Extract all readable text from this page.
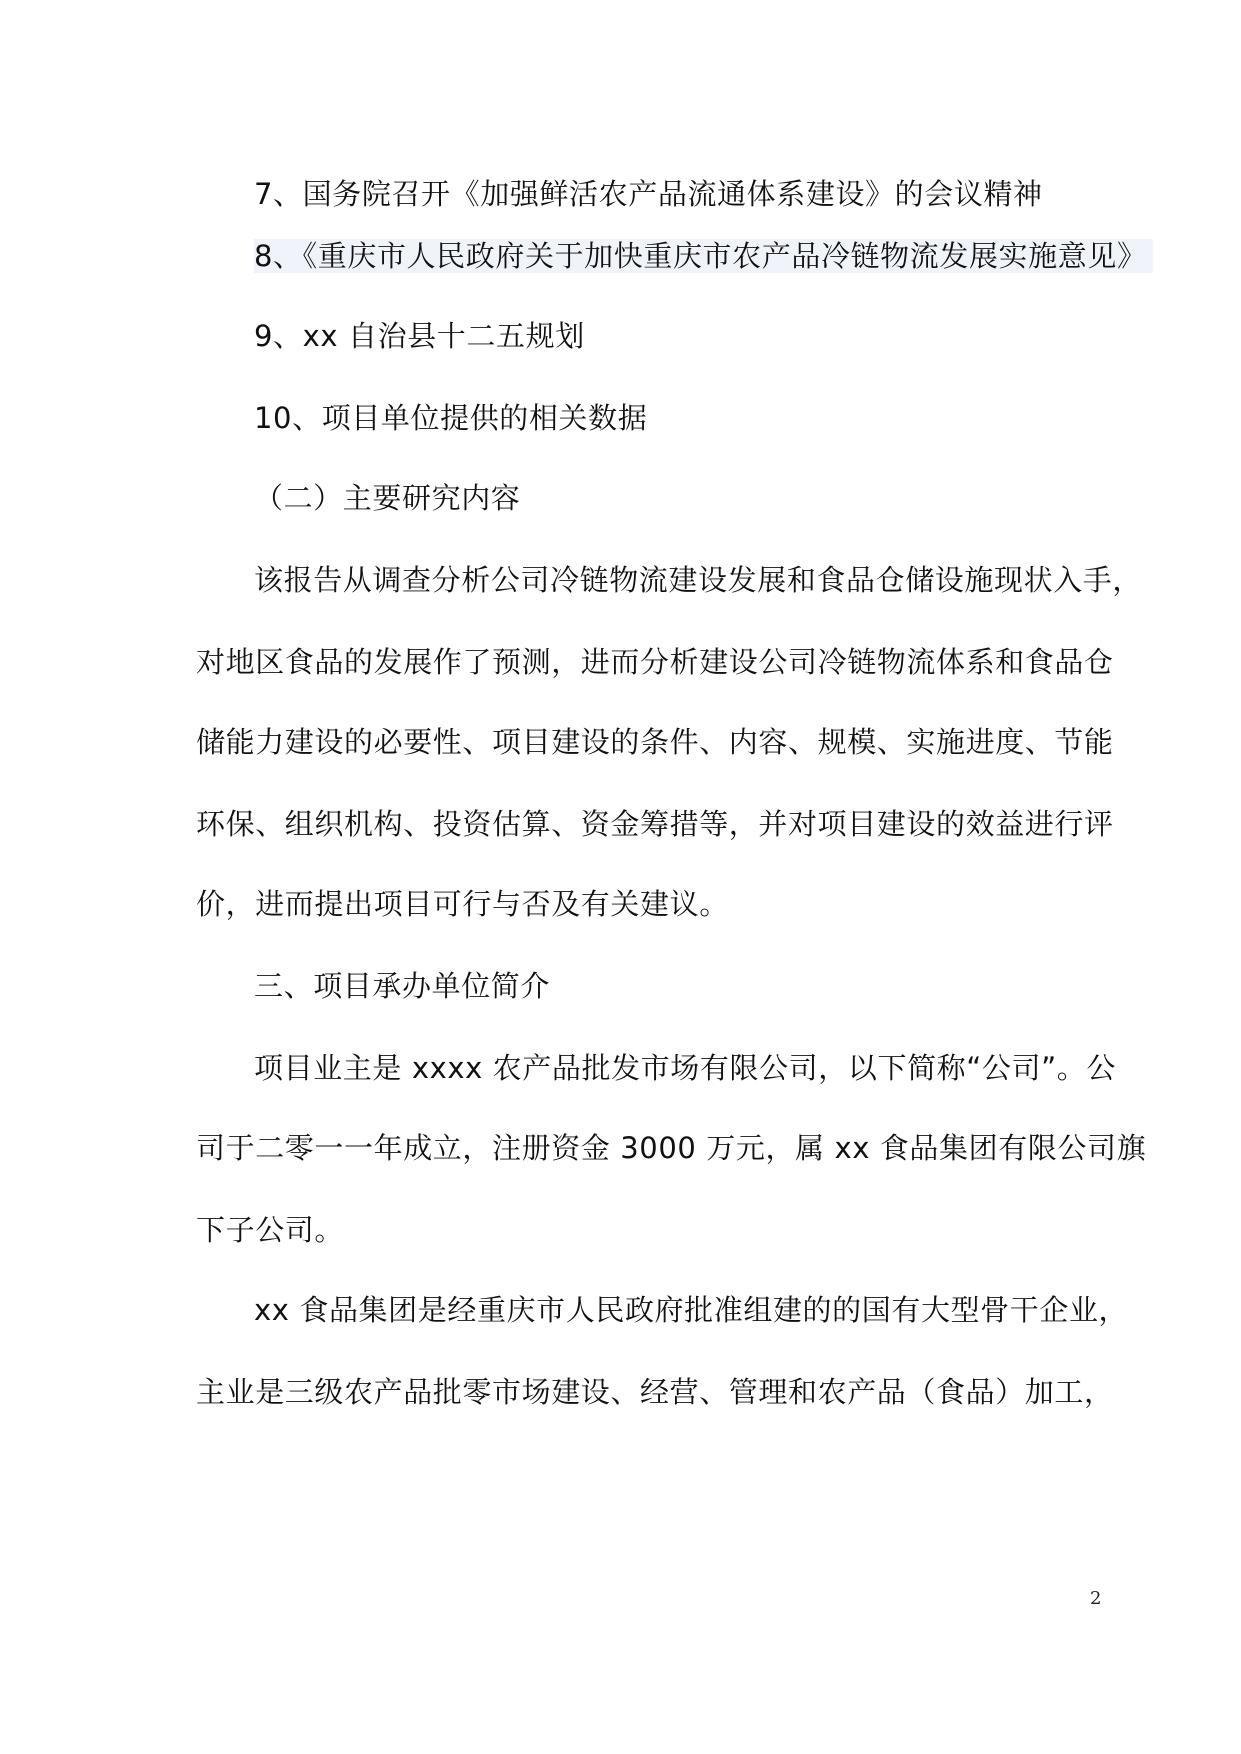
7、国务院召开《加强鲜活农产品流通体系建设》的会议精神

8、《重庆市人民政府关于加快重庆市农产品冷链物流发展实施意见》

9、xx 自治县十二五规划

10、项目单位提供的相关数据

（二）主要研究内容

该报告从调查分析公司冷链物流建设发展和食品仓储设施现状入手，

对地区食品的发展作了预测，进而分析建设公司冷链物流体系和食品仓

储能力建设的必要性、项目建设的条件、内容、规模、实施进度、节能

环保、组织机构、投资估算、资金筹措等，并对项目建设的效益进行评

价，进而提出项目可行与否及有关建议。

三、项目承办单位简介

项目业主是 xxxx 农产品批发市场有限公司，以下简称“公司”。公

司于二零一一年成立，注册资金 3000 万元，属 xx 食品集团有限公司旗

下子公司。

xx 食品集团是经重庆市人民政府批准组建的的国有大型骨干企业，

主业是三级农产品批零市场建设、经营、管理和农产品（食品）加工，

2
